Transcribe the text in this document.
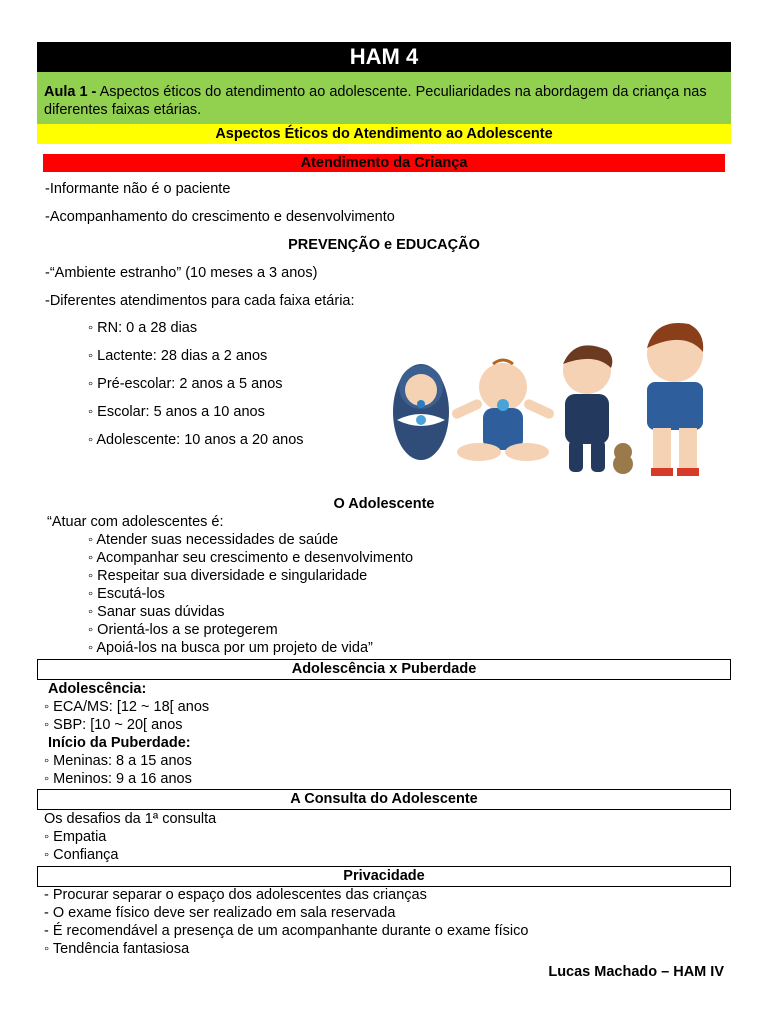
HAM 4
Aula 1 - Aspectos éticos do atendimento ao adolescente. Peculiaridades na abordagem da criança nas diferentes faixas etárias.
Aspectos Éticos do Atendimento ao Adolescente
Atendimento da Criança
-Informante não é o paciente
-Acompanhamento do crescimento e desenvolvimento
PREVENÇÃO e EDUCAÇÃO
-“Ambiente estranho” (10 meses a 3 anos)
-Diferentes atendimentos para cada faixa etária:
◦ RN: 0 a 28 dias
◦ Lactente: 28 dias a 2 anos
◦ Pré-escolar: 2 anos a 5 anos
◦ Escolar: 5 anos a 10 anos
◦ Adolescente: 10 anos a 20 anos
O Adolescente
“Atuar com adolescentes é:
◦ Atender suas necessidades de saúde
◦ Acompanhar seu crescimento e desenvolvimento
◦ Respeitar sua diversidade e singularidade
◦ Escutá-los
◦ Sanar suas dúvidas
◦ Orientá-los a se protegerem
◦ Apoiá-los na busca por um projeto de vida”
Adolescência x Puberdade
Adolescência:
◦ ECA/MS: [12 ~ 18[ anos
◦ SBP: [10 ~ 20[ anos
Início da Puberdade:
◦ Meninas: 8 a 15 anos
◦ Meninos: 9 a 16 anos
A Consulta do Adolescente
Os desafios da 1ª consulta
◦ Empatia
◦ Confiança
Privacidade
- Procurar separar o espaço dos adolescentes das crianças
- O exame físico deve ser realizado em sala reservada
- É recomendável a presença de um acompanhante durante o exame físico
◦ Tendência fantasiosa
Lucas Machado – HAM IV
